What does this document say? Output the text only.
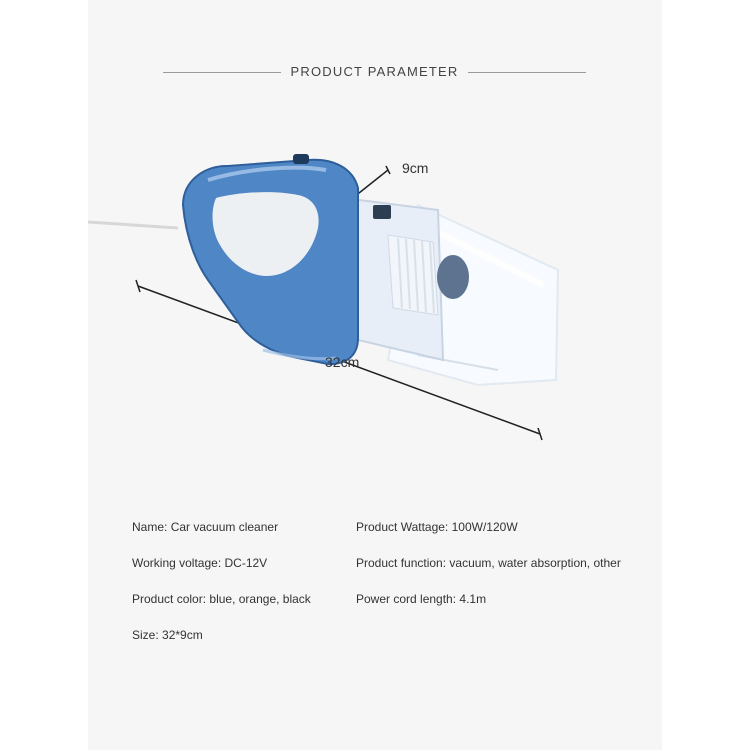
PRODUCT PARAMETER
9cm
32cm
Name: Car vacuum cleaner	Product Wattage: 100W/120W
Working voltage: DC-12V	Product function: vacuum, water absorption, other
Product color: blue, orange, black	Power cord length: 4.1m
Size: 32*9cm
